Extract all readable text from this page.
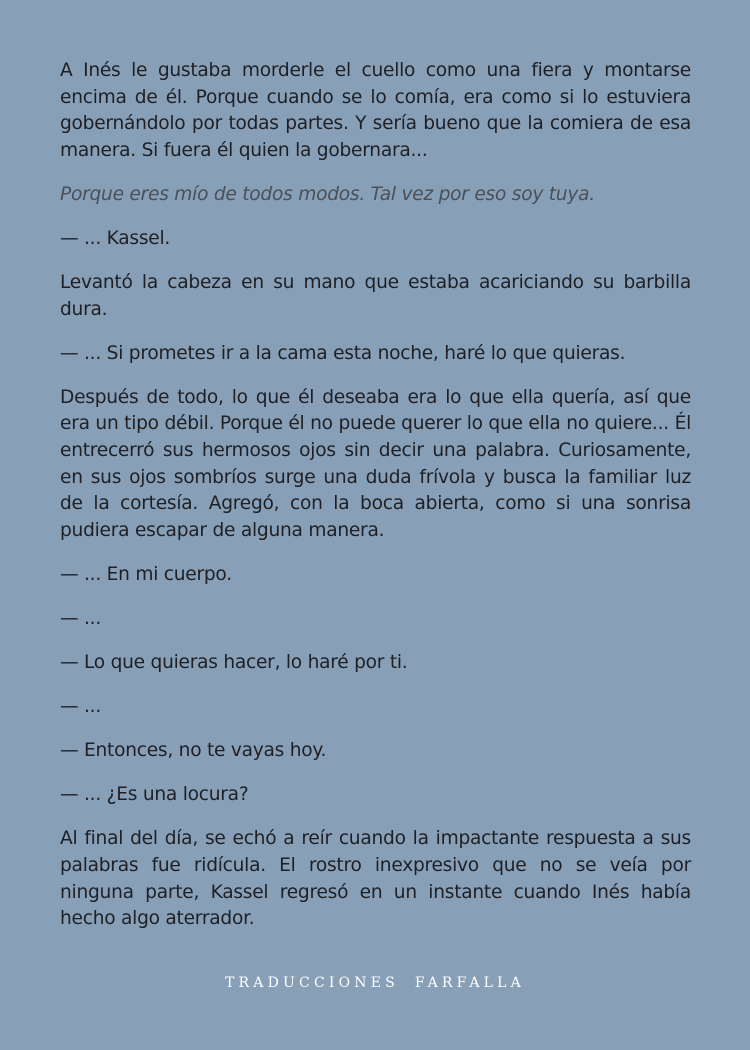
A Inés le gustaba morderle el cuello como una fiera y montarse encima de él. Porque cuando se lo comía, era como si lo estuviera gobernándolo por todas partes. Y sería bueno que la comiera de esa manera. Si fuera él quien la gobernara...

Porque eres mío de todos modos. Tal vez por eso soy tuya.

— ... Kassel.

Levantó la cabeza en su mano que estaba acariciando su barbilla dura.

— ... Si prometes ir a la cama esta noche, haré lo que quieras.

Después de todo, lo que él deseaba era lo que ella quería, así que era un tipo débil. Porque él no puede querer lo que ella no quiere... Él entrecerró sus hermosos ojos sin decir una palabra. Curiosamente, en sus ojos sombríos surge una duda frívola y busca la familiar luz de la cortesía. Agregó, con la boca abierta, como si una sonrisa pudiera escapar de alguna manera.

— ... En mi cuerpo.

— ...

— Lo que quieras hacer, lo haré por ti.

— ...

— Entonces, no te vayas hoy.

— ... ¿Es una locura?

Al final del día, se echó a reír cuando la impactante respuesta a sus palabras fue ridícula. El rostro inexpresivo que no se veía por ninguna parte, Kassel regresó en un instante cuando Inés había hecho algo aterrador.

TRADUCCIONES FARFALLA
